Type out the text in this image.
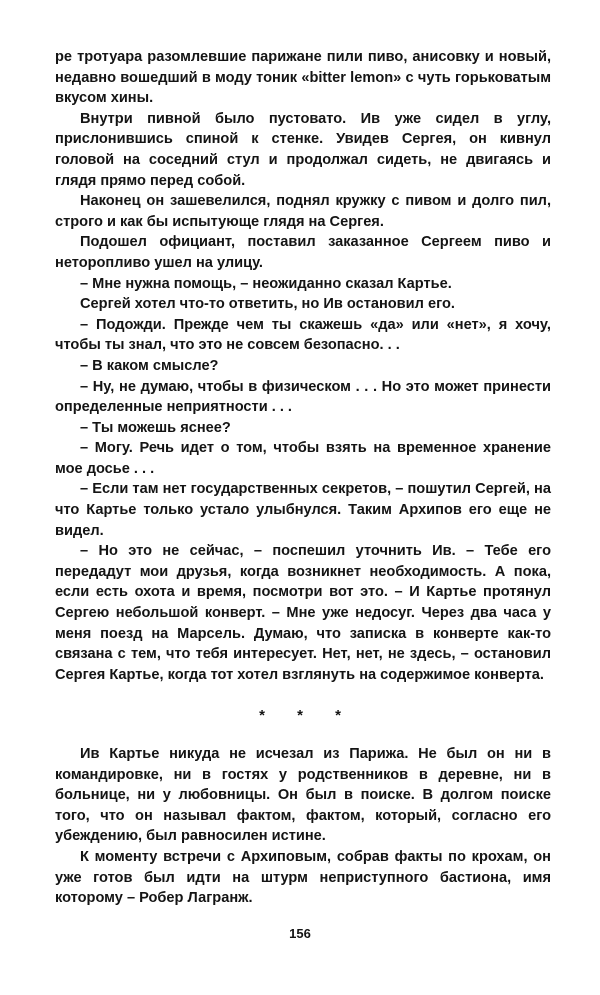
ре тротуара разомлевшие парижане пили пиво, анисовку и новый, недавно вошедший в моду тоник «bitter lemon» с чуть горьковатым вкусом хины.

Внутри пивной было пустовато. Ив уже сидел в углу, прислонившись спиной к стенке. Увидев Сергея, он кивнул головой на соседний стул и продолжал сидеть, не двигаясь и глядя прямо перед собой.

Наконец он зашевелился, поднял кружку с пивом и долго пил, строго и как бы испытующе глядя на Сергея.

Подошел официант, поставил заказанное Сергеем пиво и неторопливо ушел на улицу.

– Мне нужна помощь, – неожиданно сказал Картье.

Сергей хотел что-то ответить, но Ив остановил его.

– Подожди. Прежде чем ты скажешь «да» или «нет», я хочу, чтобы ты знал, что это не совсем безопасно. . .

– В каком смысле?

– Ну, не думаю, чтобы в физическом . . . Но это может принести определенные неприятности . . .

– Ты можешь яснее?

– Могу. Речь идет о том, чтобы взять на временное хранение мое досье . . .

– Если там нет государственных секретов, – пошутил Сергей, на что Картье только устало улыбнулся. Таким Архипов его еще не видел.

– Но это не сейчас, – поспешил уточнить Ив. – Тебе его передадут мои друзья, когда возникнет необходимость. А пока, если есть охота и время, посмотри вот это. – И Картье протянул Сергею небольшой конверт. – Мне уже недосуг. Через два часа у меня поезд на Марсель. Думаю, что записка в конверте как-то связана с тем, что тебя интересует. Нет, нет, не здесь, – остановил Сергея Картье, когда тот хотел взглянуть на содержимое конверта.

* * *

Ив Картье никуда не исчезал из Парижа. Не был он ни в командировке, ни в гостях у родственников в деревне, ни в больнице, ни у любовницы. Он был в поиске. В долгом поиске того, что он называл фактом, фактом, который, согласно его убеждению, был равносилен истине.

К моменту встречи с Архиповым, собрав факты по крохам, он уже готов был идти на штурм неприступного бастиона, имя которому – Робер Лагранж.

156
